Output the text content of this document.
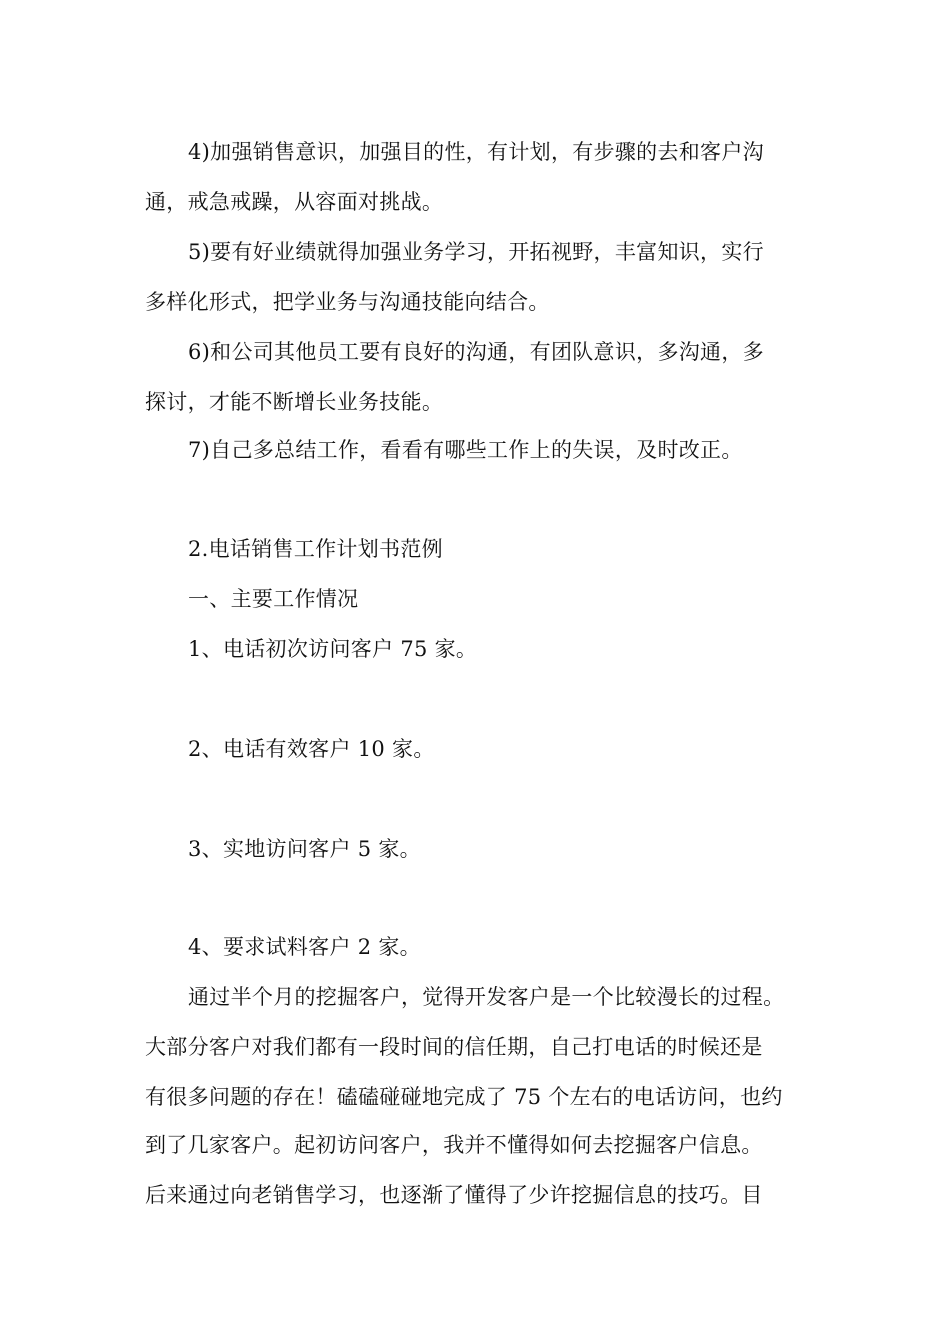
4)加强销售意识，加强目的性，有计划，有步骤的去和客户沟
通，戒急戒躁，从容面对挑战。
5)要有好业绩就得加强业务学习，开拓视野，丰富知识，实行
多样化形式，把学业务与沟通技能向结合。
6)和公司其他员工要有良好的沟通，有团队意识，多沟通，多
探讨，才能不断增长业务技能。
7)自己多总结工作，看看有哪些工作上的失误，及时改正。
2.电话销售工作计划书范例
一、主要工作情况
1、电话初次访问客户 75 家。
2、电话有效客户 10 家。
3、实地访问客户 5 家。
4、要求试料客户 2 家。
通过半个月的挖掘客户，觉得开发客户是一个比较漫长的过程。
大部分客户对我们都有一段时间的信任期，自己打电话的时候还是
有很多问题的存在！磕磕碰碰地完成了 75 个左右的电话访问，也约
到了几家客户。起初访问客户，我并不懂得如何去挖掘客户信息。
后来通过向老销售学习，也逐渐了懂得了少许挖掘信息的技巧。目
